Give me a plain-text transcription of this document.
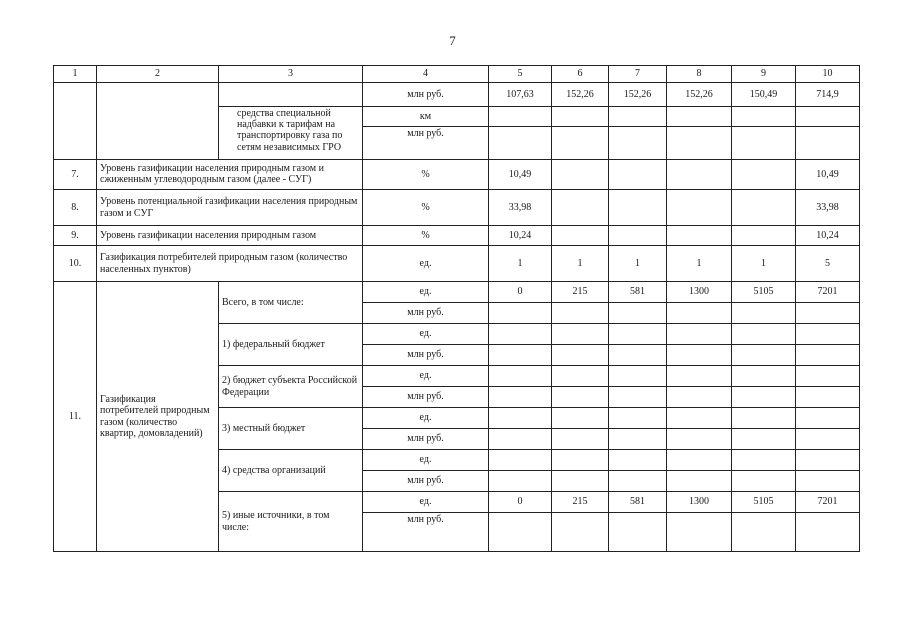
7
1	2	3	4	5	6	7	8	9	10
			млн руб.	107,63	152,26	152,26	152,26	150,49	714,9

		средства специальной надбавки к тарифам на транспортировку газа по сетям независимых ГРО	км						
			млн руб.						
7.	Уровень газификации населения природным газом и сжиженным углеводородным газом (далее - СУГ)		%	10,49					10,49
8.	Уровень потенциальной газификации населения природным газом и СУГ		%	33,98					33,98
9.	Уровень газификации населения природным газом		%	10,24					10,24
10.	Газификация потребителей природным газом (количество населенных пунктов)		ед.	1	1	1	1	1	5
11.	Газификация потребителей природным газом (количество квартир, домовладений)	Всего, в том числе:	ед.	0	215	581	1300	5105	7201
			млн руб.						
		1) федеральный бюджет	ед.						
			млн руб.						
		2) бюджет субъекта Российской Федерации	ед.						
			млн руб.						
		3) местный бюджет	ед.						
			млн руб.						
		4) средства организаций	ед.						
			млн руб.						
		5) иные источники, в том числе:	ед.	0	215	581	1300	5105	7201
			млн руб.						
